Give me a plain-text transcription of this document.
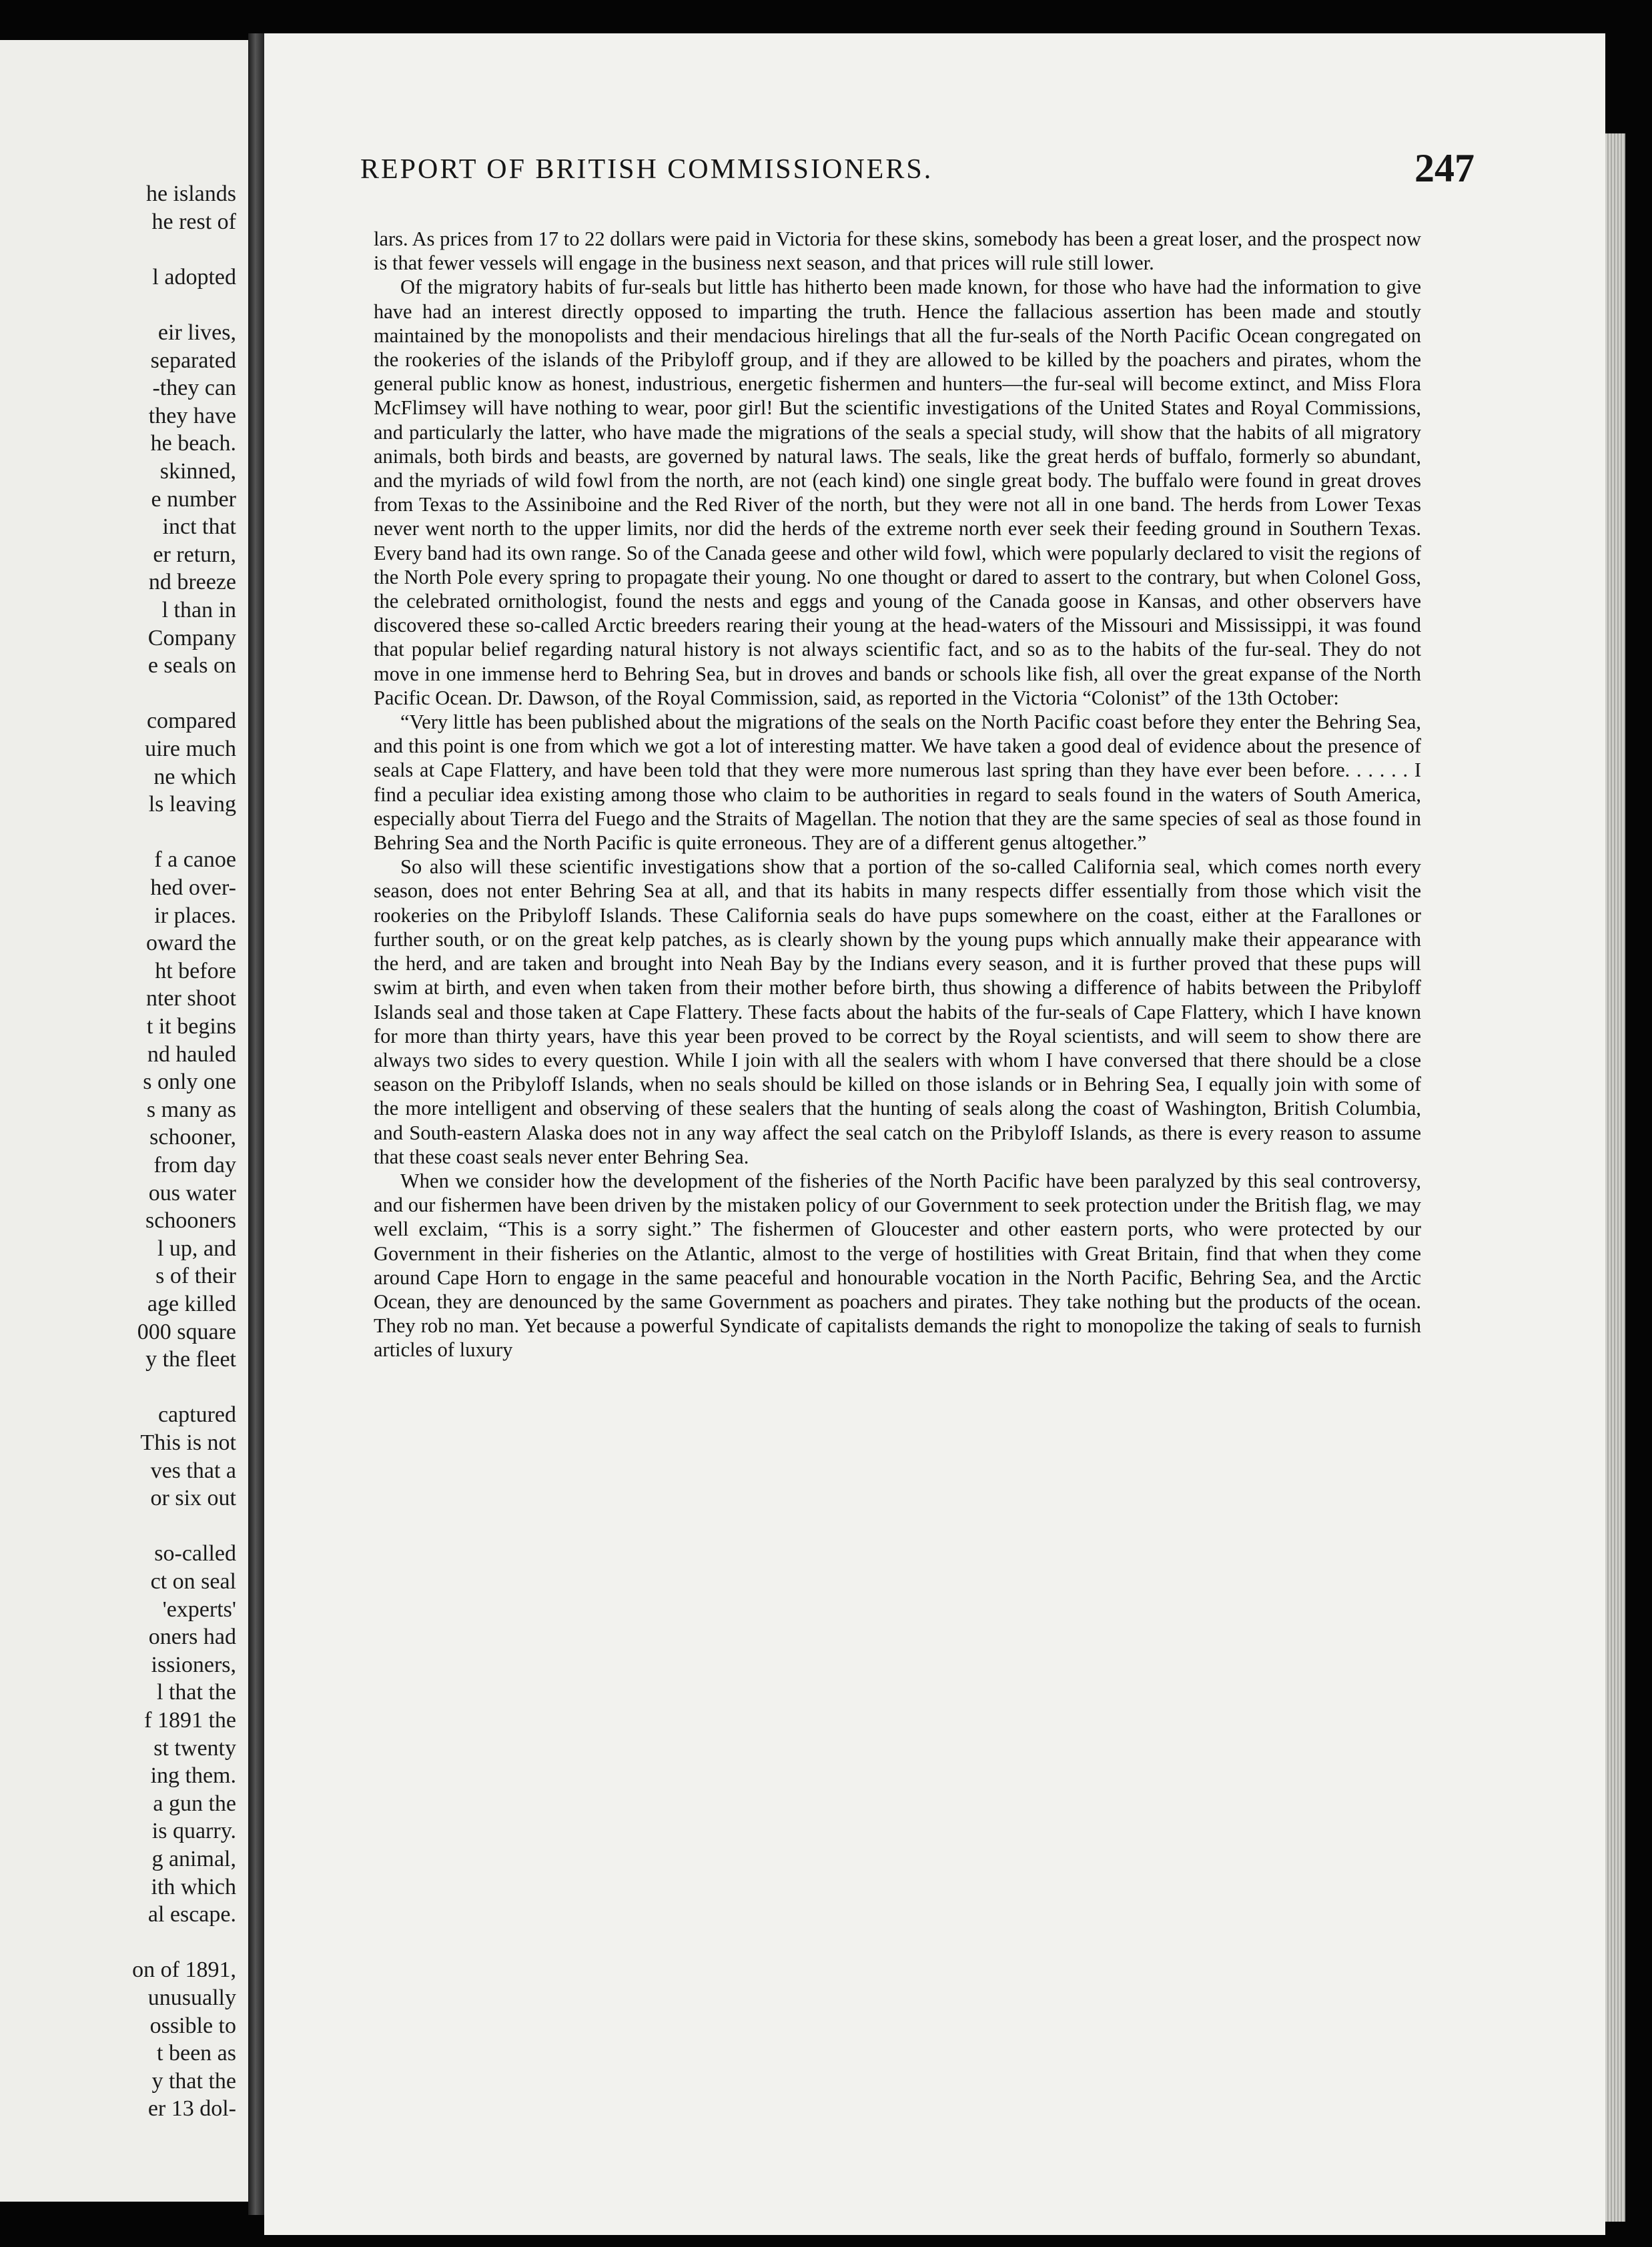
he islands
he rest of
l adopted
eir lives,
separated
-they can
they have
he beach.
skinned,
e number
inct that
er return,
nd breeze
l than in
Company
e seals on
compared
uire much
ne which
ls leaving
f a canoe
hed over-
ir places.
oward the
ht before
nter shoot
t it begins
nd hauled
s only one
s many as
schooner,
from day
ous water
schooners
l up, and
s of their
age killed
000 square
y the fleet
captured
This is not
ves that a
or six out
so-called
ct on seal
'experts'
oners had
issioners,
l that the
f 1891 the
st twenty
ing them.
a gun the
is quarry.
g animal,
ith which
al escape.
on of 1891,
unusually
ossible to
t been as
y that the
er 13 dol-
REPORT OF BRITISH COMMISSIONERS.	247

lars. As prices from 17 to 22 dollars were paid in Victoria for these skins, somebody has been a great loser, and the prospect now is that fewer vessels will engage in the business next season, and that prices will rule still lower.

Of the migratory habits of fur-seals but little has hitherto been made known, for those who have had the information to give have had an interest directly opposed to imparting the truth. Hence the fallacious assertion has been made and stoutly maintained by the monopolists and their mendacious hirelings that all the fur-seals of the North Pacific Ocean congregated on the rookeries of the islands of the Pribyloff group, and if they are allowed to be killed by the poachers and pirates, whom the general public know as honest, industrious, energetic fishermen and hunters—the fur-seal will become extinct, and Miss Flora McFlimsey will have nothing to wear, poor girl! But the scientific investigations of the United States and Royal Commissions, and particularly the latter, who have made the migrations of the seals a special study, will show that the habits of all migratory animals, both birds and beasts, are governed by natural laws. The seals, like the great herds of buffalo, formerly so abundant, and the myriads of wild fowl from the north, are not (each kind) one single great body. The buffalo were found in great droves from Texas to the Assiniboine and the Red River of the north, but they were not all in one band. The herds from Lower Texas never went north to the upper limits, nor did the herds of the extreme north ever seek their feeding ground in Southern Texas. Every band had its own range. So of the Canada geese and other wild fowl, which were popularly declared to visit the regions of the North Pole every spring to propagate their young. No one thought or dared to assert to the contrary, but when Colonel Goss, the celebrated ornithologist, found the nests and eggs and young of the Canada goose in Kansas, and other observers have discovered these so-called Arctic breeders rearing their young at the head-waters of the Missouri and Mississippi, it was found that popular belief regarding natural history is not always scientific fact, and so as to the habits of the fur-seal. They do not move in one immense herd to Behring Sea, but in droves and bands or schools like fish, all over the great expanse of the North Pacific Ocean. Dr. Dawson, of the Royal Commission, said, as reported in the Victoria “Colonist” of the 13th October:

“Very little has been published about the migrations of the seals on the North Pacific coast before they enter the Behring Sea, and this point is one from which we got a lot of interesting matter. We have taken a good deal of evidence about the presence of seals at Cape Flattery, and have been told that they were more numerous last spring than they have ever been before. . . . . . I find a peculiar idea existing among those who claim to be authorities in regard to seals found in the waters of South America, especially about Tierra del Fuego and the Straits of Magellan. The notion that they are the same species of seal as those found in Behring Sea and the North Pacific is quite erroneous. They are of a different genus altogether.”

So also will these scientific investigations show that a portion of the so-called California seal, which comes north every season, does not enter Behring Sea at all, and that its habits in many respects differ essentially from those which visit the rookeries on the Pribyloff Islands. These California seals do have pups somewhere on the coast, either at the Farallones or further south, or on the great kelp patches, as is clearly shown by the young pups which annually make their appearance with the herd, and are taken and brought into Neah Bay by the Indians every season, and it is further proved that these pups will swim at birth, and even when taken from their mother before birth, thus showing a difference of habits between the Pribyloff Islands seal and those taken at Cape Flattery. These facts about the habits of the fur-seals of Cape Flattery, which I have known for more than thirty years, have this year been proved to be correct by the Royal scientists, and will seem to show there are always two sides to every question. While I join with all the sealers with whom I have conversed that there should be a close season on the Pribyloff Islands, when no seals should be killed on those islands or in Behring Sea, I equally join with some of the more intelligent and observing of these sealers that the hunting of seals along the coast of Washington, British Columbia, and South-eastern Alaska does not in any way affect the seal catch on the Pribyloff Islands, as there is every reason to assume that these coast seals never enter Behring Sea.

When we consider how the development of the fisheries of the North Pacific have been paralyzed by this seal controversy, and our fishermen have been driven by the mistaken policy of our Government to seek protection under the British flag, we may well exclaim, “This is a sorry sight.” The fishermen of Gloucester and other eastern ports, who were protected by our Government in their fisheries on the Atlantic, almost to the verge of hostilities with Great Britain, find that when they come around Cape Horn to engage in the same peaceful and honourable vocation in the North Pacific, Behring Sea, and the Arctic Ocean, they are denounced by the same Government as poachers and pirates. They take nothing but the products of the ocean. They rob no man. Yet because a powerful Syndicate of capitalists demands the right to monopolize the taking of seals to furnish articles of luxury
